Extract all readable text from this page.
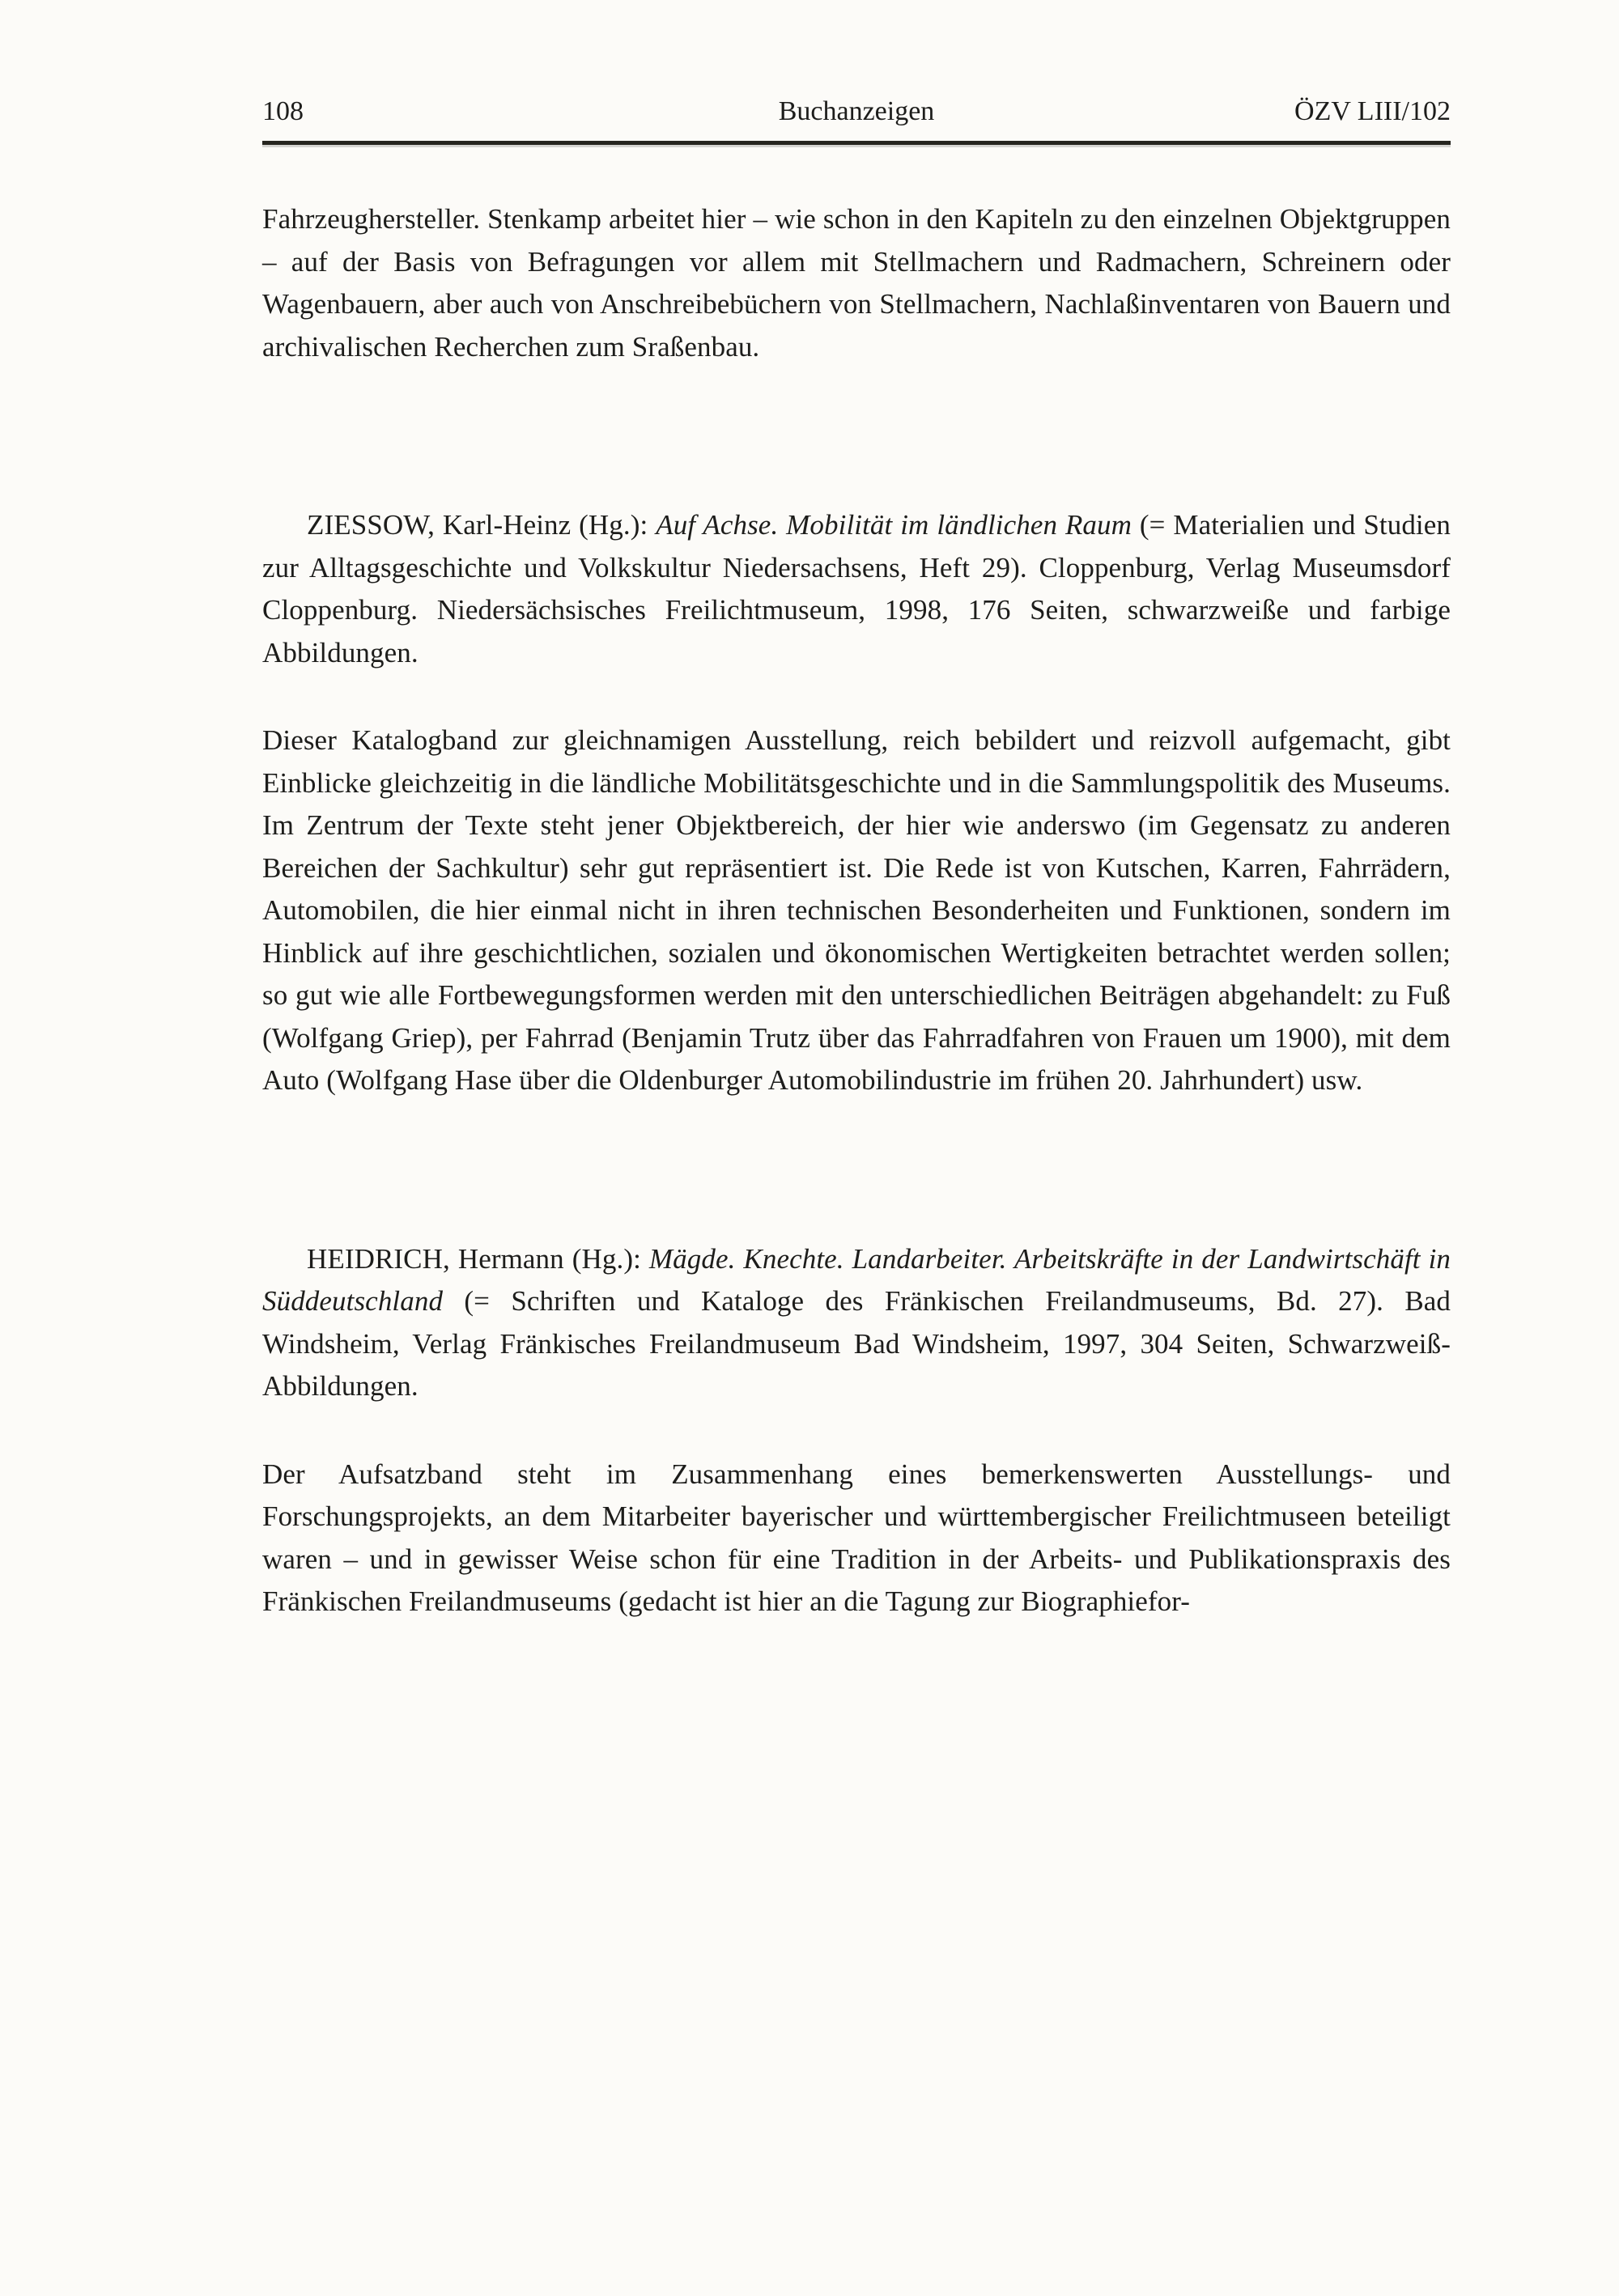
108	Buchanzeigen	ÖZV LIII/102

Fahrzeughersteller. Stenkamp arbeitet hier – wie schon in den Kapiteln zu den einzelnen Objektgruppen – auf der Basis von Befragungen vor allem mit Stellmachern und Radmachern, Schreinern oder Wagenbauern, aber auch von Anschreibebüchern von Stellmachern, Nachlaßinventaren von Bauern und archivalischen Recherchen zum Sraßenbau.

ZIESSOW, Karl-Heinz (Hg.): Auf Achse. Mobilität im ländlichen Raum (= Materialien und Studien zur Alltagsgeschichte und Volkskultur Niedersachsens, Heft 29). Cloppenburg, Verlag Museumsdorf Cloppenburg. Niedersächsisches Freilichtmuseum, 1998, 176 Seiten, schwarzweiße und farbige Abbildungen.

Dieser Katalogband zur gleichnamigen Ausstellung, reich bebildert und reizvoll aufgemacht, gibt Einblicke gleichzeitig in die ländliche Mobilitätsgeschichte und in die Sammlungspolitik des Museums. Im Zentrum der Texte steht jener Objektbereich, der hier wie anderswo (im Gegensatz zu anderen Bereichen der Sachkultur) sehr gut repräsentiert ist. Die Rede ist von Kutschen, Karren, Fahrrädern, Automobilen, die hier einmal nicht in ihren technischen Besonderheiten und Funktionen, sondern im Hinblick auf ihre geschichtlichen, sozialen und ökonomischen Wertigkeiten betrachtet werden sollen; so gut wie alle Fortbewegungsformen werden mit den unterschiedlichen Beiträgen abgehandelt: zu Fuß (Wolfgang Griep), per Fahrrad (Benjamin Trutz über das Fahrradfahren von Frauen um 1900), mit dem Auto (Wolfgang Hase über die Oldenburger Automobilindustrie im frühen 20. Jahrhundert) usw.

HEIDRICH, Hermann (Hg.): Mägde. Knechte. Landarbeiter. Arbeitskräfte in der Landwirtschäft in Süddeutschland (= Schriften und Kataloge des Fränkischen Freilandmuseums, Bd. 27). Bad Windsheim, Verlag Fränkisches Freilandmuseum Bad Windsheim, 1997, 304 Seiten, Schwarzweiß-Abbildungen.

Der Aufsatzband steht im Zusammenhang eines bemerkenswerten Ausstellungs- und Forschungsprojekts, an dem Mitarbeiter bayerischer und württembergischer Freilichtmuseen beteiligt waren – und in gewisser Weise schon für eine Tradition in der Arbeits- und Publikationspraxis des Fränkischen Freilandmuseums (gedacht ist hier an die Tagung zur Biographiefor-
